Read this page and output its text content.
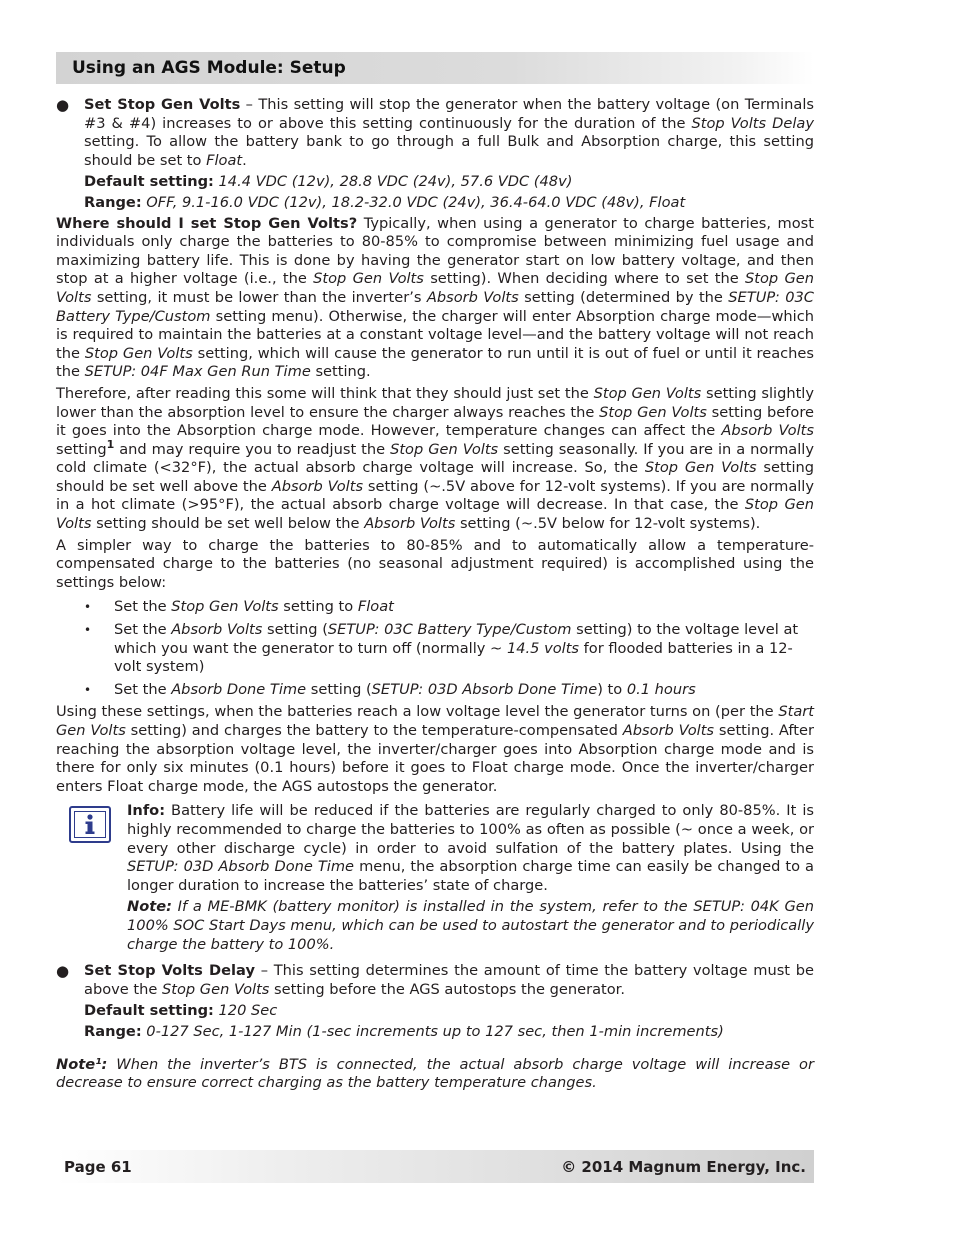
Using an AGS Module: Setup
● Set Stop Gen Volts – This setting will stop the generator when the battery voltage (on Terminals #3 & #4) increases to or above this setting continuously for the duration of the Stop Volts Delay setting. To allow the battery bank to go through a full Bulk and Absorption charge, this setting should be set to Float.

Default setting: 14.4 VDC (12v), 28.8 VDC (24v), 57.6 VDC (48v)
Range: OFF, 9.1-16.0 VDC (12v), 18.2-32.0 VDC (24v), 36.4-64.0 VDC (48v), Float

Where should I set Stop Gen Volts? Typically, when using a generator to charge batteries, most individuals only charge the batteries to 80-85% to compromise between minimizing fuel usage and maximizing battery life. This is done by having the generator start on low battery voltage, and then stop at a higher voltage (i.e., the Stop Gen Volts setting). When deciding where to set the Stop Gen Volts setting, it must be lower than the inverter’s Absorb Volts setting (determined by the SETUP: 03C Battery Type/Custom setting menu). Otherwise, the charger will enter Absorption charge mode—which is required to maintain the batteries at a constant voltage level—and the battery voltage will not reach the Stop Gen Volts setting, which will cause the generator to run until it is out of fuel or until it reaches the SETUP: 04F Max Gen Run Time setting.

Therefore, after reading this some will think that they should just set the Stop Gen Volts setting slightly lower than the absorption level to ensure the charger always reaches the Stop Gen Volts setting before it goes into the Absorption charge mode. However, temperature changes can affect the Absorb Volts setting$^1$ and may require you to readjust the Stop Gen Volts setting seasonally. If you are in a normally cold climate (<32°F), the actual absorb charge voltage will increase. So, the Stop Gen Volts setting should be set well above the Absorb Volts setting (~.5V above for 12-volt systems). If you are normally in a hot climate (>95°F), the actual absorb charge voltage will decrease. In that case, the Stop Gen Volts setting should be set well below the Absorb Volts setting (~.5V below for 12-volt systems).

A simpler way to charge the batteries to 80-85% and to automatically allow a temperature-compensated charge to the batteries (no seasonal adjustment required) is accomplished using the settings below:

• Set the Stop Gen Volts setting to Float
• Set the Absorb Volts setting (SETUP: 03C Battery Type/Custom setting) to the voltage level at which you want the generator to turn off (normally ~ 14.5 volts for flooded batteries in a 12-volt system)
• Set the Absorb Done Time setting (SETUP: 03D Absorb Done Time) to 0.1 hours

Using these settings, when the batteries reach a low voltage level the generator turns on (per the Start Gen Volts setting) and charges the battery to the temperature-compensated Absorb Volts setting. After reaching the absorption voltage level, the inverter/charger goes into Absorption charge mode and is there for only six minutes (0.1 hours) before it goes to Float charge mode. Once the inverter/charger enters Float charge mode, the AGS autostops the generator.

Info: Battery life will be reduced if the batteries are regularly charged to only 80-85%. It is highly recommended to charge the batteries to 100% as often as possible (~ once a week, or every other discharge cycle) in order to avoid sulfation of the battery plates. Using the SETUP: 03D Absorb Done Time menu, the absorption charge time can easily be changed to a longer duration to increase the batteries’ state of charge.

Note: If a ME-BMK (battery monitor) is installed in the system, refer to the SETUP: 04K Gen 100% SOC Start Days menu, which can be used to autostart the generator and to periodically charge the battery to 100%.

● Set Stop Volts Delay – This setting determines the amount of time the battery voltage must be above the Stop Gen Volts setting before the AGS autostops the generator.

Default setting: 120 Sec
Range: 0-127 Sec, 1-127 Min (1-sec increments up to 127 sec, then 1-min increments)

Note¹: When the inverter’s BTS is connected, the actual absorb charge voltage will increase or decrease to ensure correct charging as the battery temperature changes.

Page 61	© 2014 Magnum Energy, Inc.
